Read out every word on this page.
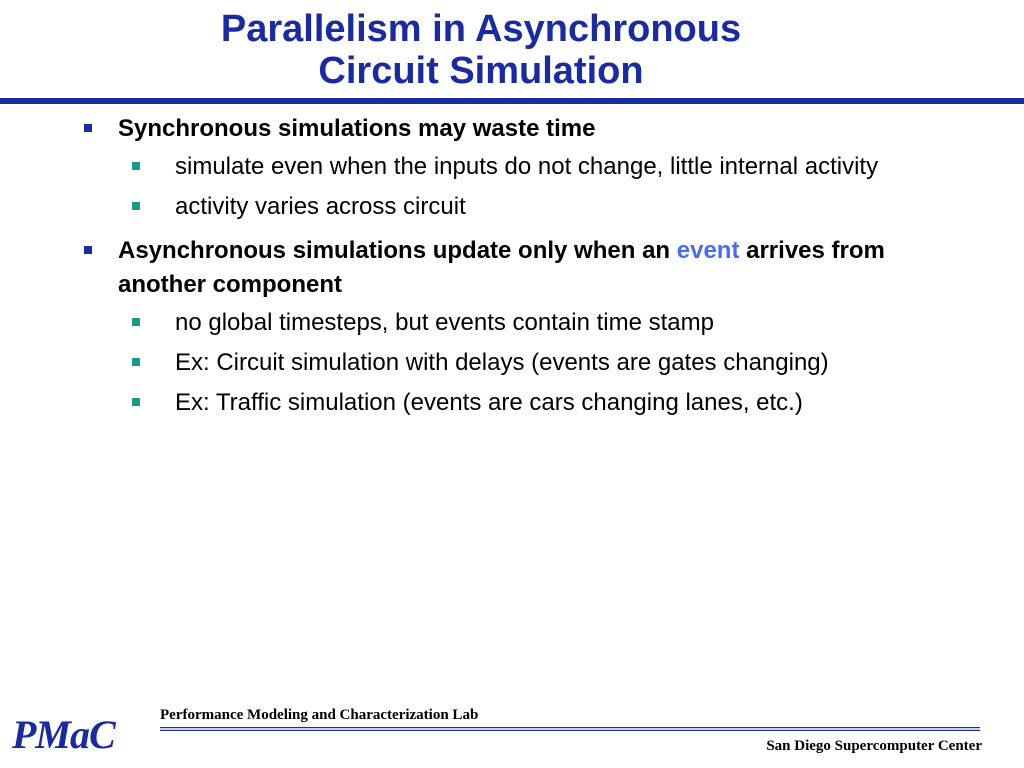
Parallelism in Asynchronous
Circuit Simulation
Synchronous simulations may waste time
simulate even when the inputs do not change, little internal activity
activity varies across circuit
Asynchronous simulations update only when an event arrives from another component
no global timesteps, but events contain time stamp
Ex: Circuit simulation with delays (events are gates changing)
Ex: Traffic simulation (events are cars changing lanes, etc.)
PMaC	Performance Modeling and Characterization Lab
San Diego Supercomputer Center
